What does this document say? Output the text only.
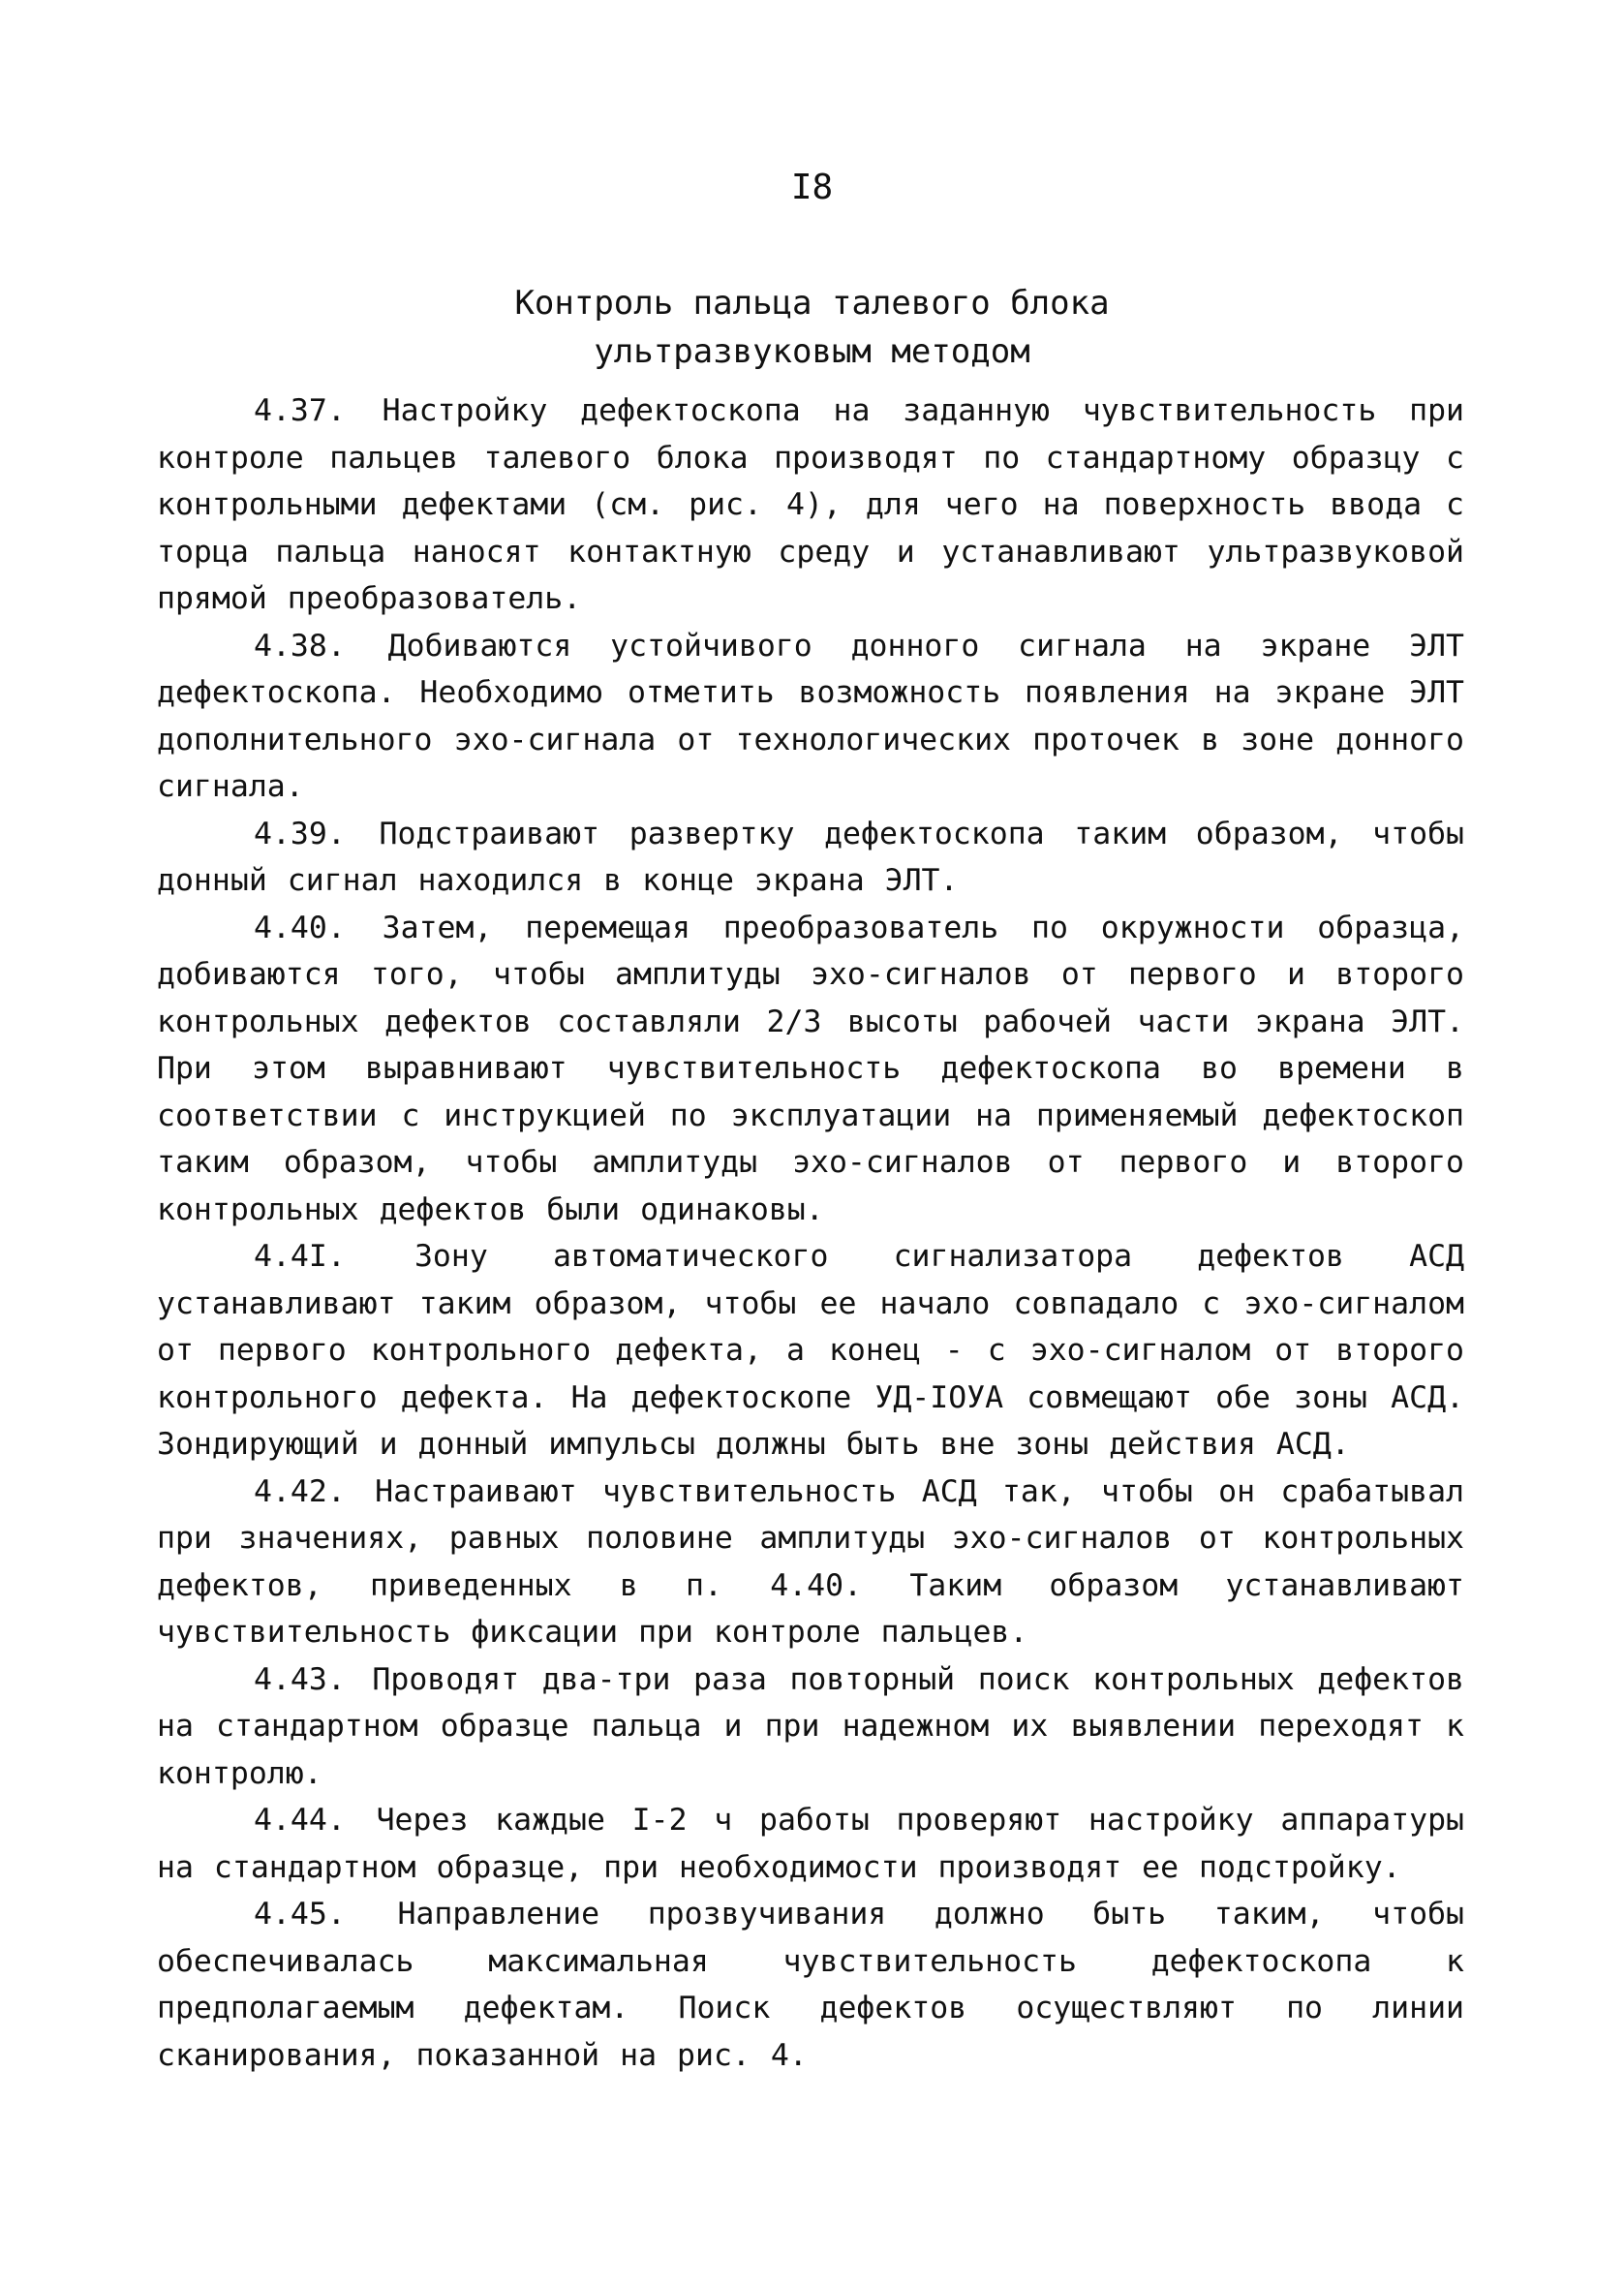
I8
Контроль пальца талевого блока
ультразвуковым методом

4.37. Настройку дефектоскопа на заданную чувствительность при контроле пальцев талевого блока производят по стандартному образцу с контрольными дефектами (см. рис. 4), для чего на поверхность ввода с торца пальца наносят контактную среду и устанавливают ультразвуковой прямой преобразователь.

4.38. Добиваются устойчивого донного сигнала на экране ЭЛТ дефектоскопа. Необходимо отметить возможность появления на экране ЭЛТ дополнительного эхо-сигнала от технологических проточек в зоне донного сигнала.

4.39. Подстраивают развертку дефектоскопа таким образом, чтобы донный сигнал находился в конце экрана ЭЛТ.

4.40. Затем, перемещая преобразователь по окружности образца, добиваются того, чтобы амплитуды эхо-сигналов от первого и второго контрольных дефектов составляли 2/3 высоты рабочей части экрана ЭЛТ. При этом выравнивают чувствительность дефектоскопа во времени в соответствии с инструкцией по эксплуатации на применяемый дефектоскоп таким образом, чтобы амплитуды эхо-сигналов от первого и второго контрольных дефектов были одинаковы.

4.4I. Зону автоматического сигнализатора дефектов АСД устанавливают таким образом, чтобы ее начало совпадало с эхо-сигналом от первого контрольного дефекта, а конец - с эхо-сигналом от второго контрольного дефекта. На дефектоскопе УД-IОУА совмещают обе зоны АСД. Зондирующий и донный импульсы должны быть вне зоны действия АСД.

4.42. Настраивают чувствительность АСД так, чтобы он срабатывал при значениях, равных половине амплитуды эхо-сигналов от контрольных дефектов, приведенных в п. 4.40. Таким образом устанавливают чувствительность фиксации при контроле пальцев.

4.43. Проводят два-три раза повторный поиск контрольных дефектов на стандартном образце пальца и при надежном их выявлении переходят к контролю.

4.44. Через каждые I-2 ч работы проверяют настройку аппаратуры на стандартном образце, при необходимости производят ее подстройку.

4.45. Направление прозвучивания должно быть таким, чтобы обеспечивалась максимальная чувствительность дефектоскопа к предполагаемым дефектам. Поиск дефектов осуществляют по линии сканирования, показанной на рис. 4.
